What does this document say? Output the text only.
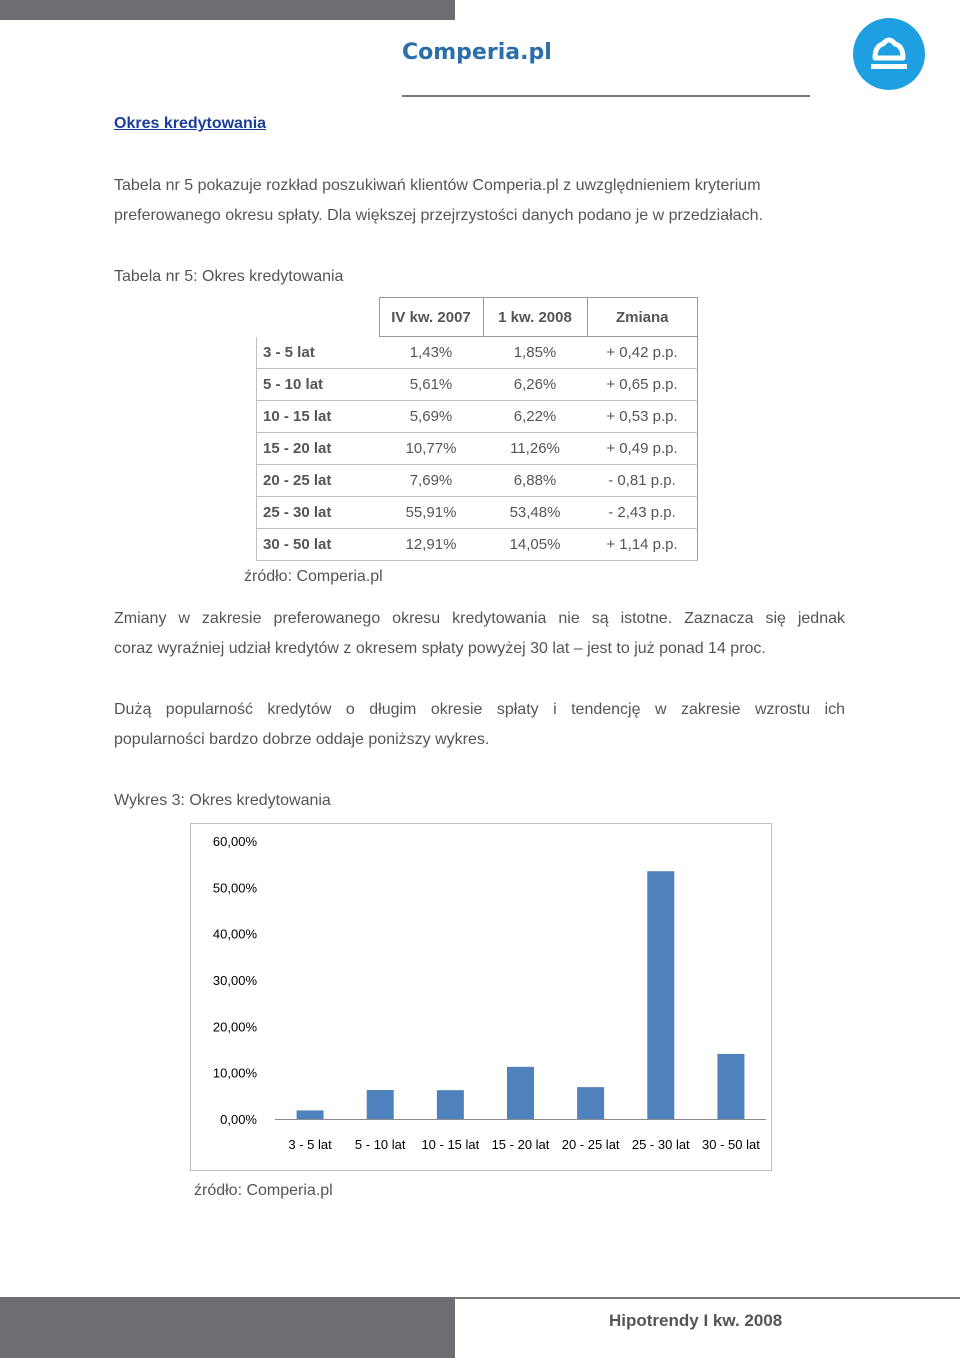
Comperia.pl
Okres kredytowania
Tabela nr 5 pokazuje rozkład poszukiwań klientów Comperia.pl z uwzględnieniem kryterium
preferowanego okresu spłaty. Dla większej przejrzystości danych podano je w przedziałach.
Tabela nr 5: Okres kredytowania
	IV kw. 2007	1 kw. 2008	Zmiana
3 - 5 lat	1,43%	1,85%	+ 0,42 p.p.
5 - 10 lat	5,61%	6,26%	+ 0,65 p.p.
10 - 15 lat	5,69%	6,22%	+ 0,53 p.p.
15 - 20 lat	10,77%	11,26%	+ 0,49 p.p.
20 - 25 lat	7,69%	6,88%	- 0,81 p.p.
25 - 30 lat	55,91%	53,48%	- 2,43 p.p.
30 - 50 lat	12,91%	14,05%	+ 1,14 p.p.
źródło: Comperia.pl
Zmiany w zakresie preferowanego okresu kredytowania nie są istotne. Zaznacza się jednak
coraz wyraźniej udział kredytów z okresem spłaty powyżej 30 lat – jest to już ponad 14 proc.
Dużą popularność kredytów o długim okresie spłaty i tendencję w zakresie wzrostu ich
popularności bardzo dobrze oddaje poniższy wykres.
Wykres 3: Okres kredytowania
0,00%
10,00%
20,00%
30,00%
40,00%
50,00%
60,00%
3 - 5 lat 5 - 10 lat 10 - 15 lat 15 - 20 lat 20 - 25 lat 25 - 30 lat 30 - 50 lat
źródło: Comperia.pl
Hipotrendy I kw. 2008
